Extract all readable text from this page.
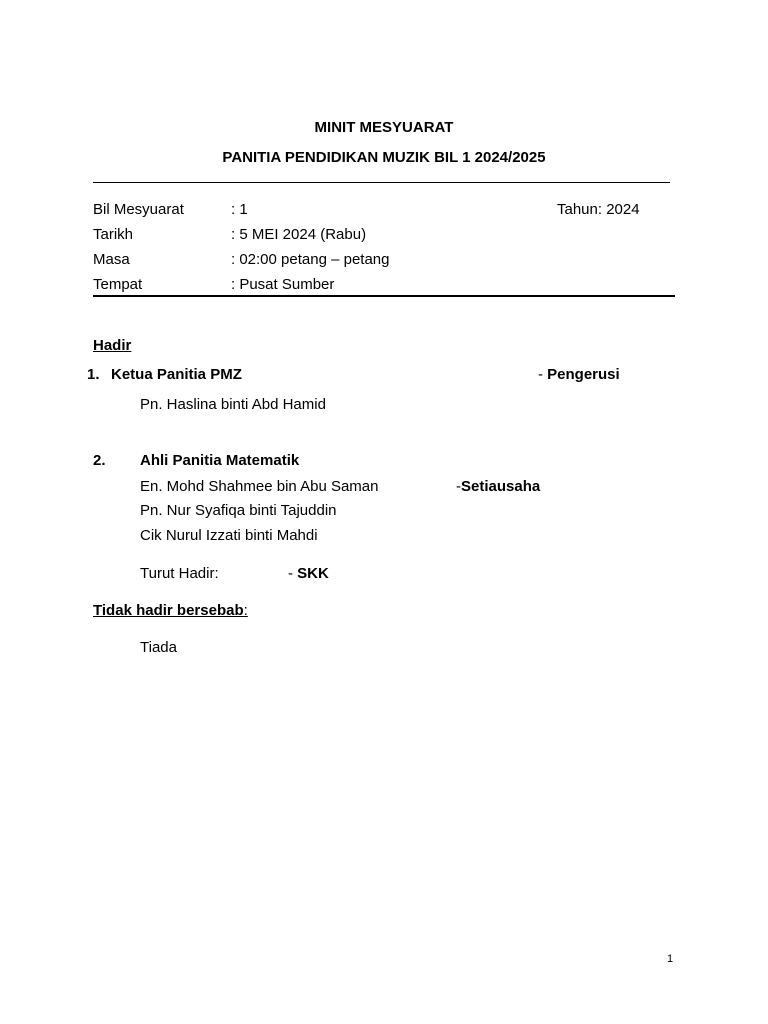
MINIT MESYUARAT
PANITIA PENDIDIKAN MUZIK BIL 1 2024/2025
Bil Mesyuarat	: 1	Tahun: 2024
Tarikh	: 5 MEI 2024 (Rabu)
Masa	: 02:00 petang – petang
Tempat	: Pusat Sumber
Hadir
1. Ketua Panitia PMZ	- Pengerusi
Pn. Haslina binti Abd Hamid
2. Ahli Panitia Matematik
En. Mohd Shahmee bin Abu Saman	-Setiausaha
Pn. Nur Syafiqa binti Tajuddin
Cik Nurul Izzati binti Mahdi
Turut Hadir:	- SKK
Tidak hadir bersebab:
Tiada
1
